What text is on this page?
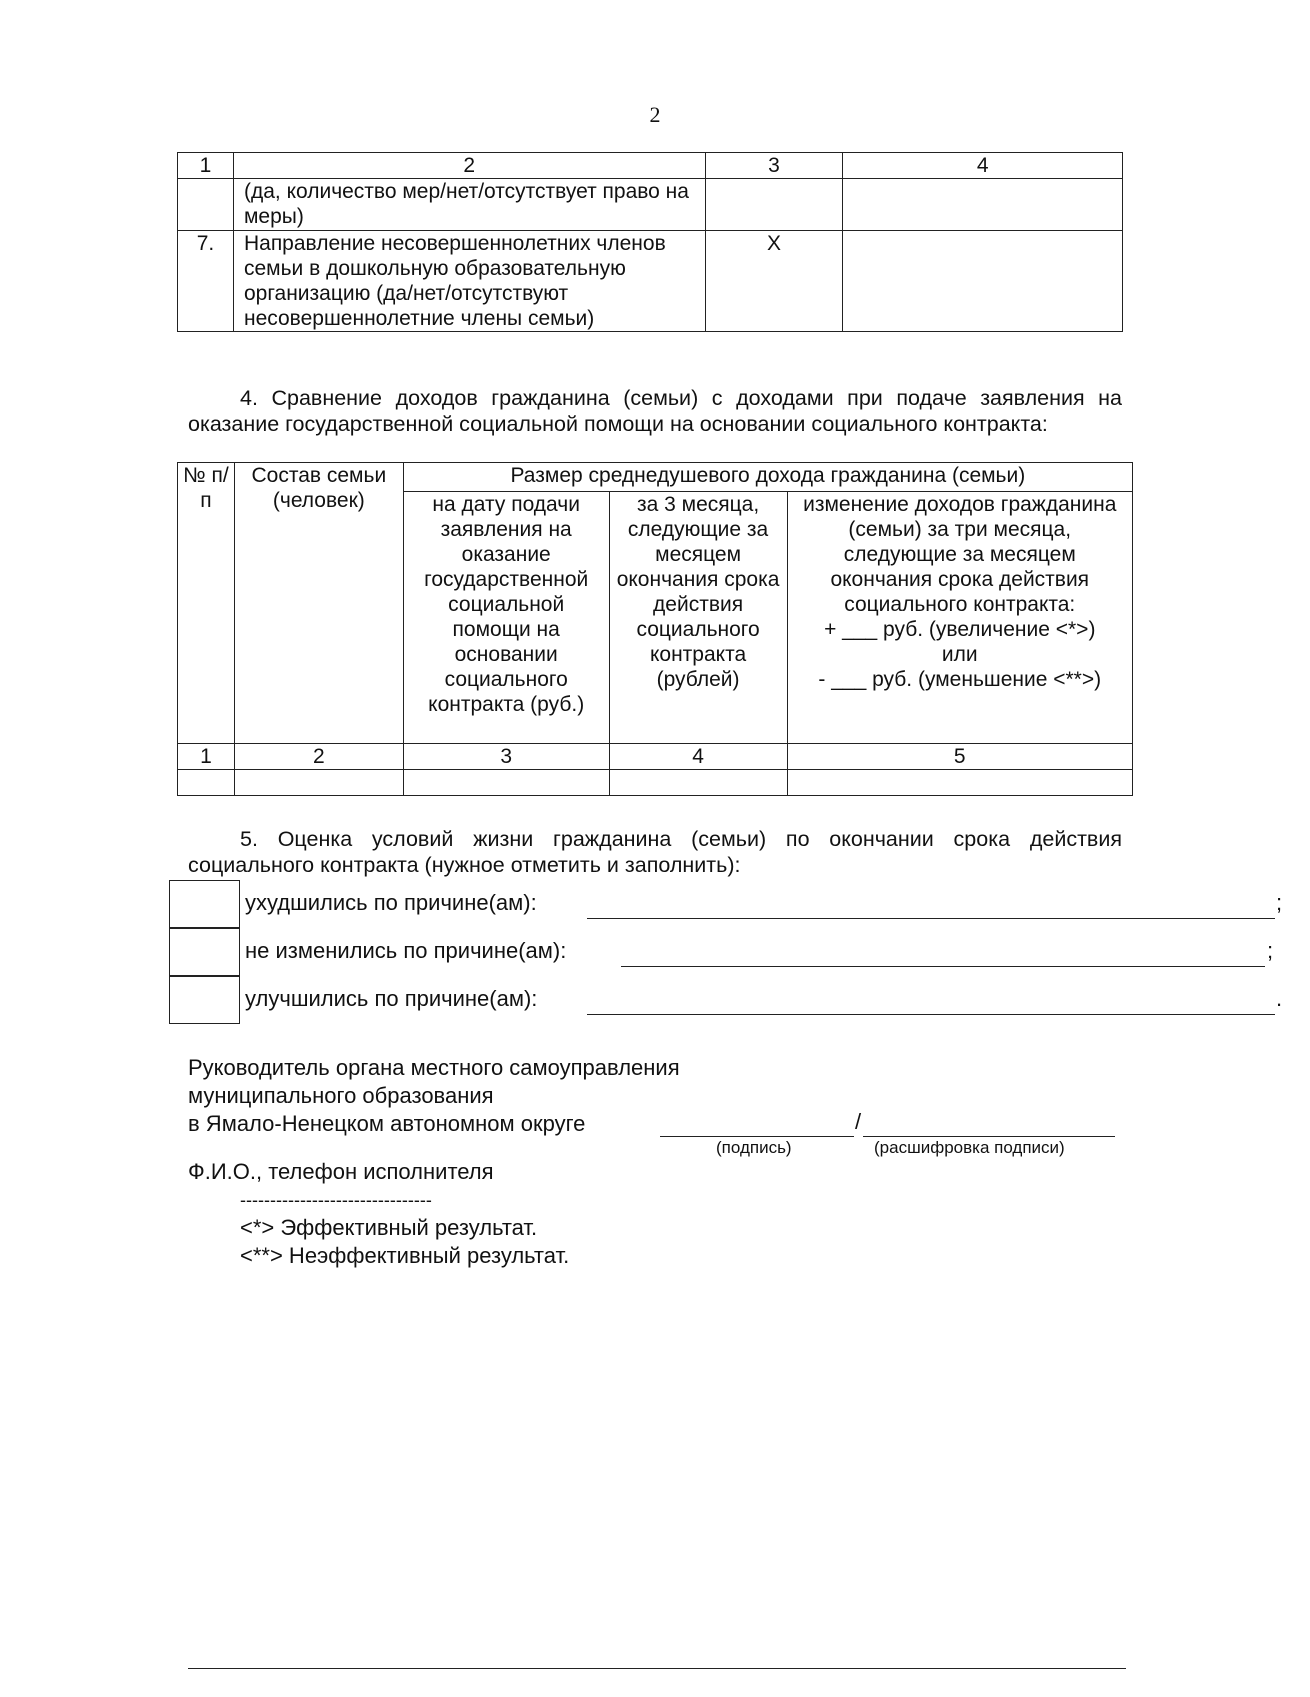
2
1	2	3	4
	(да, количество мер/нет/отсутствует право на меры)		
7.	Направление несовершеннолетних членов семьи в дошкольную образовательную организацию (да/нет/отсутствуют несовершеннолетние члены семьи)	Х	
4. Сравнение доходов гражданина (семьи) с доходами при подаче заявления на оказание государственной социальной помощи на основании социального контракта:
№ п/п	Состав семьи (человек)	Размер среднедушевого дохода гражданина (семьи)		
		на дату подачи заявления на оказание государственной социальной помощи на основании социального контракта (руб.)	за 3 месяца, следующие за месяцем окончания срока действия социального контракта (рублей)	изменение доходов гражданина (семьи) за три месяца, следующие за месяцем окончания срока действия социального контракта:
+ ___ руб. (увеличение <*>)
или
- ___ руб. (уменьшение <**>)

1	2	3	4	5

5. Оценка условий жизни гражданина (семьи) по окончании срока действия социального контракта (нужное отметить и заполнить):
ухудшились по причине(ам):	;
не изменились по причине(ам):	;
улучшились по причине(ам):	.
Руководитель органа местного самоуправления
муниципального образования
в Ямало-Ненецком автономном округе	/
(подпись)	(расшифровка подписи)
Ф.И.О., телефон исполнителя
--------------------------------
<*> Эффективный результат.
<**> Неэффективный результат.
